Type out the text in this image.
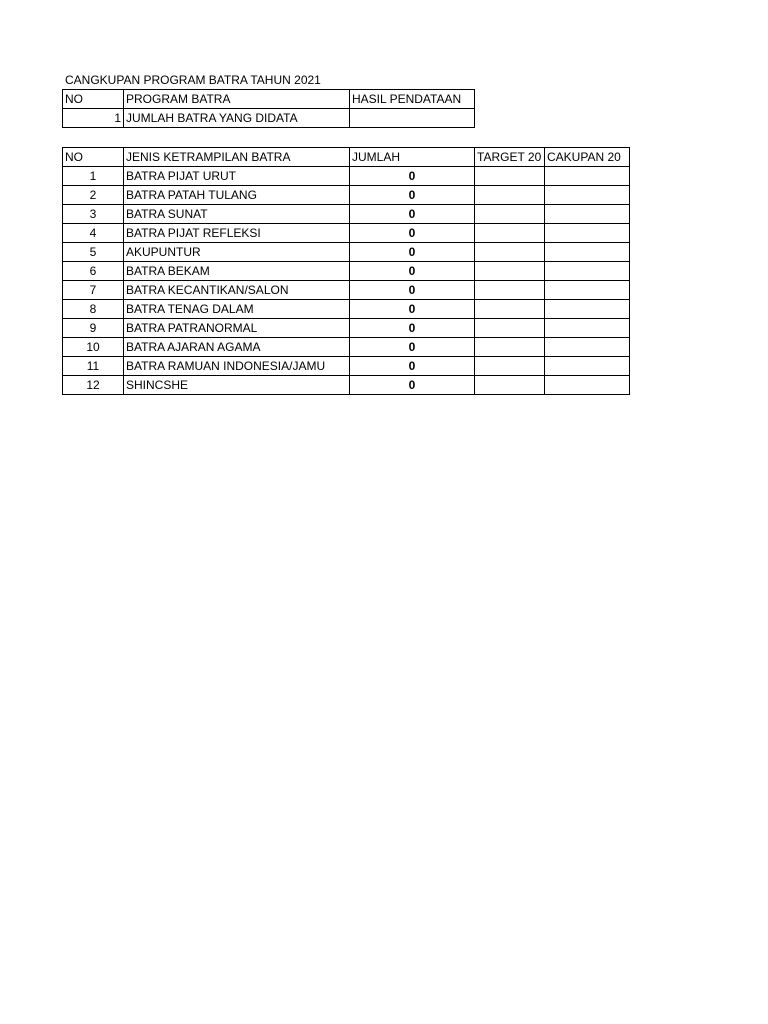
CANGKUPAN PROGRAM BATRA TAHUN 2021
NO	PROGRAM BATRA	HASIL PENDATAAN
1	JUMLAH BATRA YANG DIDATA	
NO	JENIS KETRAMPILAN BATRA	JUMLAH	TARGET 20	CAKUPAN 20
1	BATRA PIJAT URUT	0		
2	BATRA PATAH TULANG	0		
3	BATRA SUNAT	0		
4	BATRA PIJAT REFLEKSI	0		
5	AKUPUNTUR	0		
6	BATRA BEKAM	0		
7	BATRA KECANTIKAN/SALON	0		
8	BATRA TENAG DALAM	0		
9	BATRA PATRANORMAL	0		
10	BATRA AJARAN AGAMA	0		
11	BATRA RAMUAN INDONESIA/JAMU	0		
12	SHINCSHE	0		
